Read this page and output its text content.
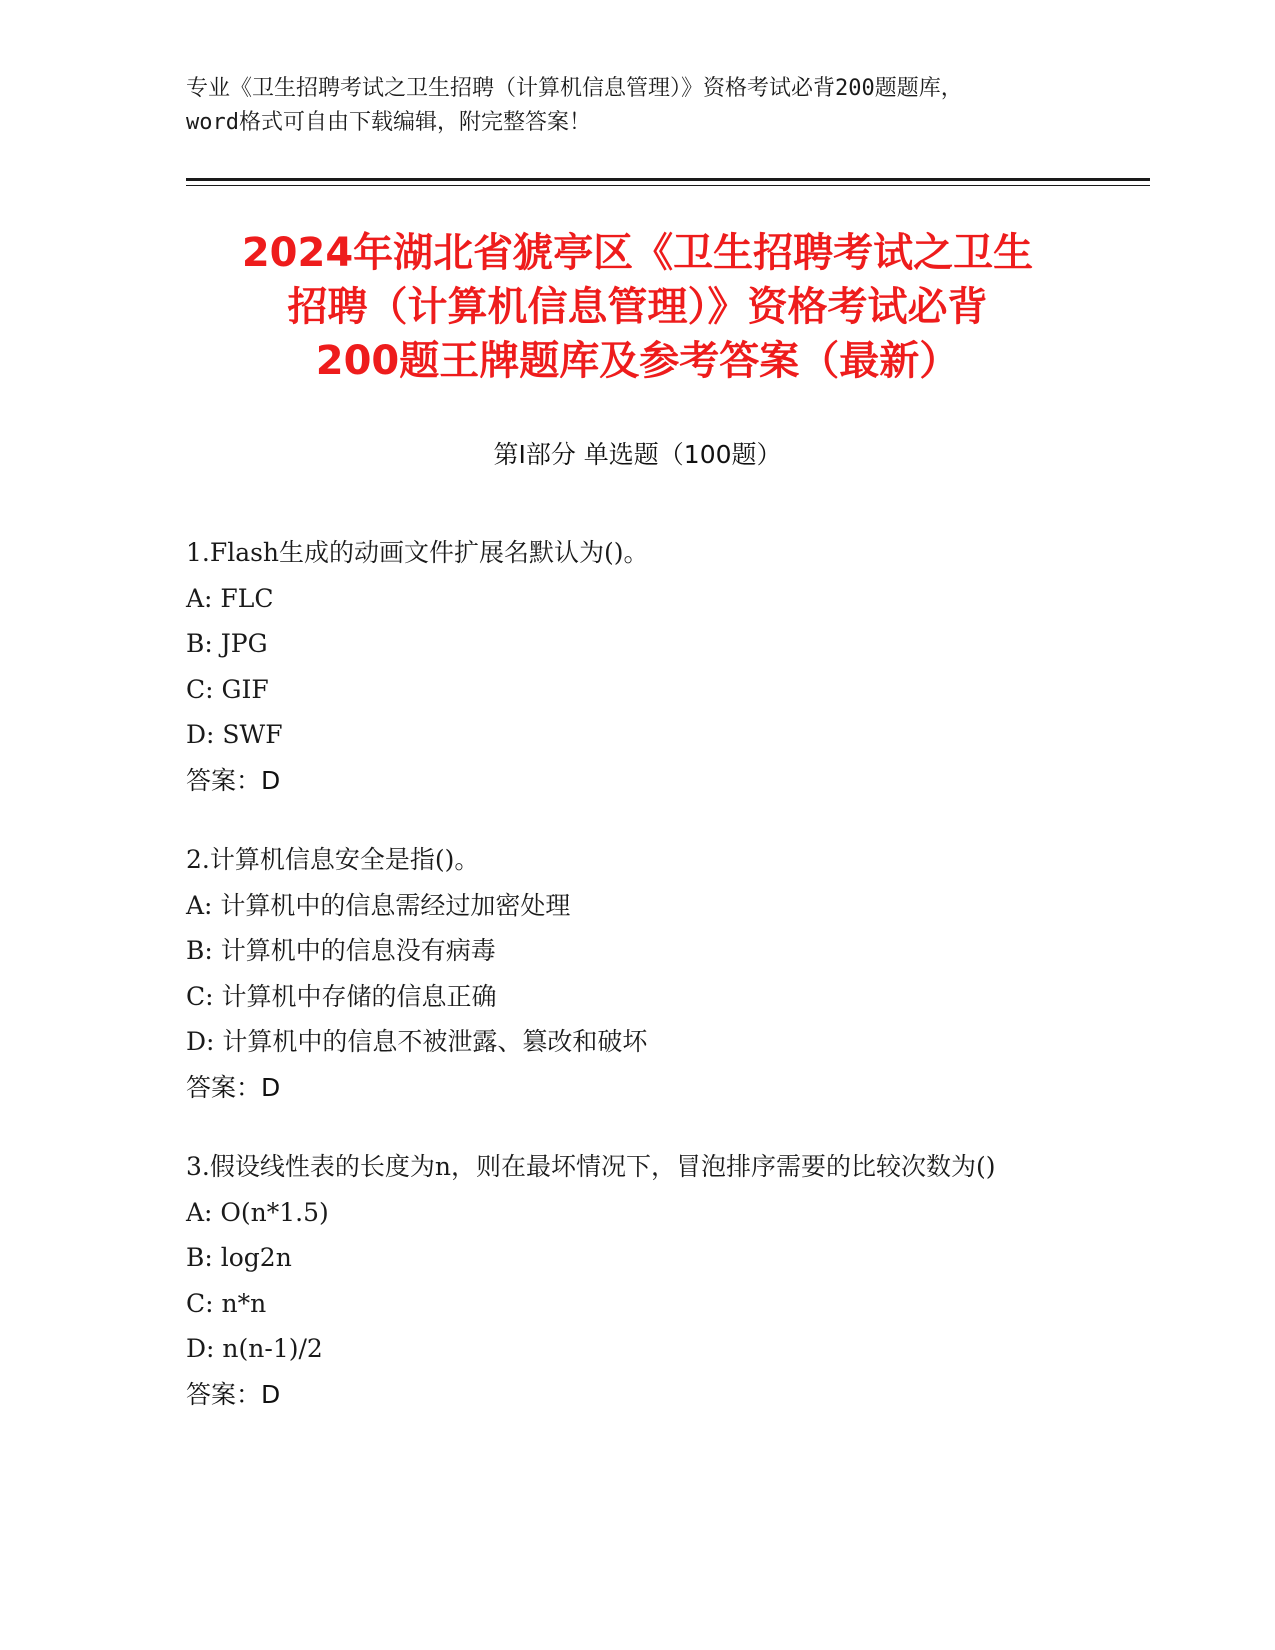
专业《卫生招聘考试之卫生招聘（计算机信息管理）》资格考试必背200题题库，
word格式可自由下载编辑，附完整答案！
2024年湖北省猇亭区《卫生招聘考试之卫生
招聘（计算机信息管理）》资格考试必背
200题王牌题库及参考答案（最新）
第Ⅰ部分 单选题（100题）
1.Flash生成的动画文件扩展名默认为()。
A: FLC
B: JPG
C: GIF
D: SWF
答案：D
2.计算机信息安全是指()。
A: 计算机中的信息需经过加密处理
B: 计算机中的信息没有病毒
C: 计算机中存储的信息正确
D: 计算机中的信息不被泄露、篡改和破坏
答案：D
3.假设线性表的长度为n，则在最坏情况下，冒泡排序需要的比较次数为()
A: O(n*1.5)
B: log2n
C: n*n
D: n(n-1)/2
答案：D
